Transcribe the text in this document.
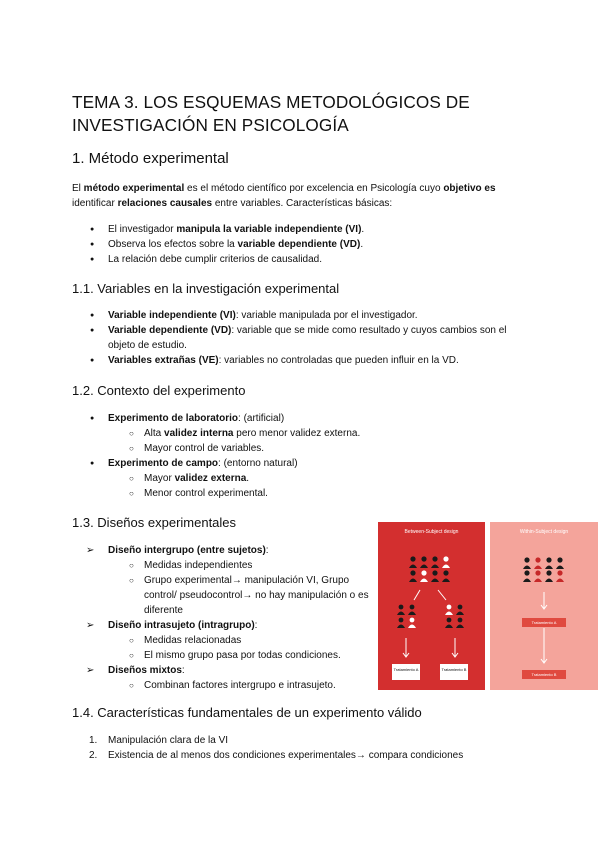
TEMA 3. LOS ESQUEMAS METODOLÓGICOS DE INVESTIGACIÓN EN PSICOLOGÍA
1. Método experimental
El método experimental es el método científico por excelencia en Psicología cuyo objetivo es identificar relaciones causales entre variables. Características básicas:
● El investigador manipula la variable independiente (VI).
● Observa los efectos sobre la variable dependiente (VD).
● La relación debe cumplir criterios de causalidad.
1.1. Variables en la investigación experimental
● Variable independiente (VI): variable manipulada por el investigador.
● Variable dependiente (VD): variable que se mide como resultado y cuyos cambios son el objeto de estudio.
● Variables extrañas (VE): variables no controladas que pueden influir en la VD.
1.2. Contexto del experimento
● Experimento de laboratorio: (artificial)
○ Alta validez interna pero menor validez externa.
○ Mayor control de variables.
● Experimento de campo: (entorno natural)
○ Mayor validez externa.
○ Menor control experimental.
1.3. Diseños experimentales
➢ Diseño intergrupo (entre sujetos):
○ Medidas independientes
○ Grupo experimental→ manipulación VI, Grupo control/ pseudocontrol→ no hay manipulación o es diferente
➢ Diseño intrasujeto (intragrupo):
○ Medidas relacionadas
○ El mismo grupo pasa por todas condiciones.
➢ Diseños mixtos:
○ Combinan factores intergrupo e intrasujeto.
Between-Subject design
Tratamiento A	Tratamiento B
Within-Subject design
Tratamiento A
Tratamiento B
1.4. Características fundamentales de un experimento válido
1. Manipulación clara de la VI
2. Existencia de al menos dos condiciones experimentales→ compara condiciones
